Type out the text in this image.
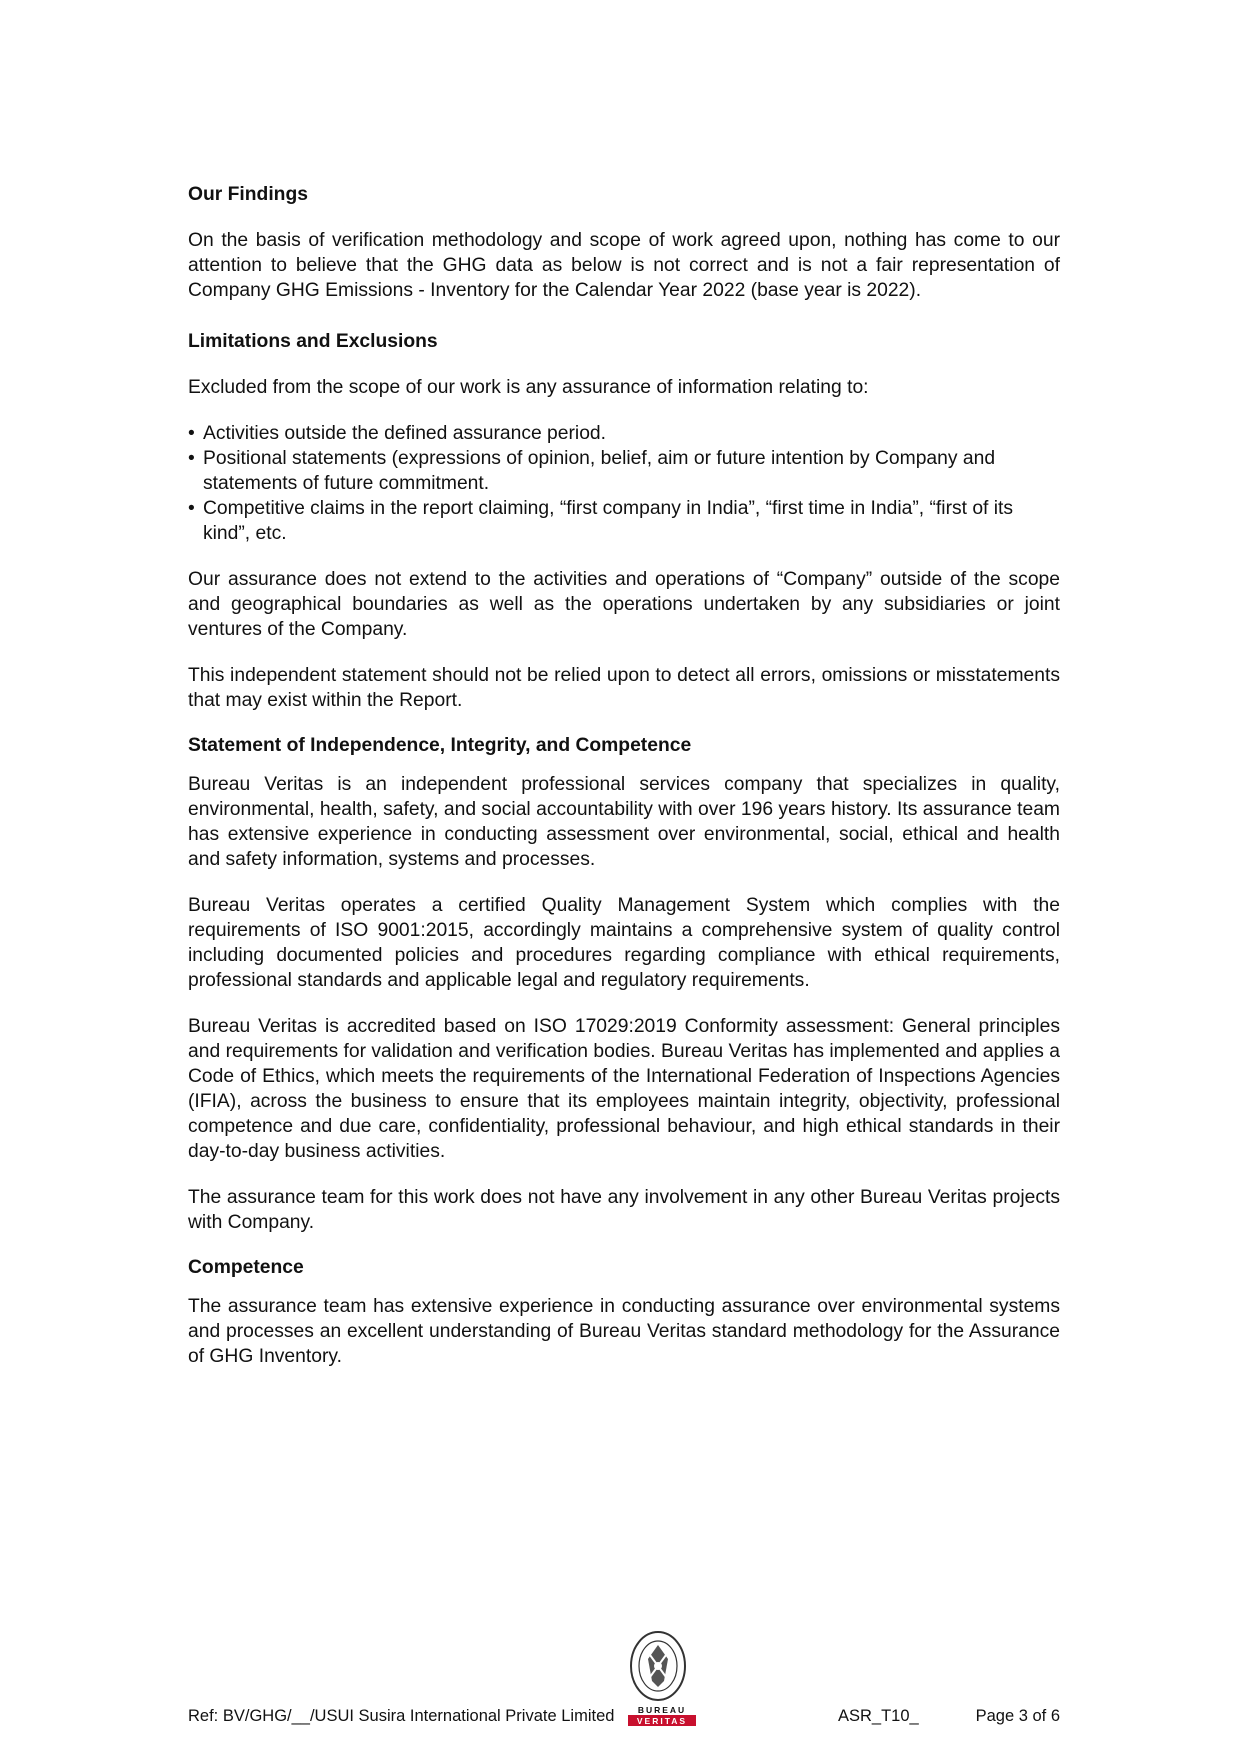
Our Findings

On the basis of verification methodology and scope of work agreed upon, nothing has come to our attention to believe that the GHG data as below is not correct and is not a fair representation of Company GHG Emissions - Inventory for the Calendar Year 2022 (base year is 2022).

Limitations and Exclusions

Excluded from the scope of our work is any assurance of information relating to:

• Activities outside the defined assurance period.
• Positional statements (expressions of opinion, belief, aim or future intention by Company and statements of future commitment.
• Competitive claims in the report claiming, “first company in India”, “first time in India”, “first of its kind”, etc.

Our assurance does not extend to the activities and operations of “Company” outside of the scope and geographical boundaries as well as the operations undertaken by any subsidiaries or joint ventures of the Company.

This independent statement should not be relied upon to detect all errors, omissions or misstatements that may exist within the Report.

Statement of Independence, Integrity, and Competence

Bureau Veritas is an independent professional services company that specializes in quality, environmental, health, safety, and social accountability with over 196 years history. Its assurance team has extensive experience in conducting assessment over environmental, social, ethical and health and safety information, systems and processes.

Bureau Veritas operates a certified Quality Management System which complies with the requirements of ISO 9001:2015, accordingly maintains a comprehensive system of quality control including documented policies and procedures regarding compliance with ethical requirements, professional standards and applicable legal and regulatory requirements.

Bureau Veritas is accredited based on ISO 17029:2019 Conformity assessment: General principles and requirements for validation and verification bodies. Bureau Veritas has implemented and applies a Code of Ethics, which meets the requirements of the International Federation of Inspections Agencies (IFIA), across the business to ensure that its employees maintain integrity, objectivity, professional competence and due care, confidentiality, professional behaviour, and high ethical standards in their day-to-day business activities.

The assurance team for this work does not have any involvement in any other Bureau Veritas projects with Company.

Competence

The assurance team has extensive experience in conducting assurance over environmental systems and processes an excellent understanding of Bureau Veritas standard methodology for the Assurance of GHG Inventory.

BUREAU
VERITAS
Ref: BV/GHG/__/USUI Susira International Private Limited	ASR_T10_	Page 3 of 6
